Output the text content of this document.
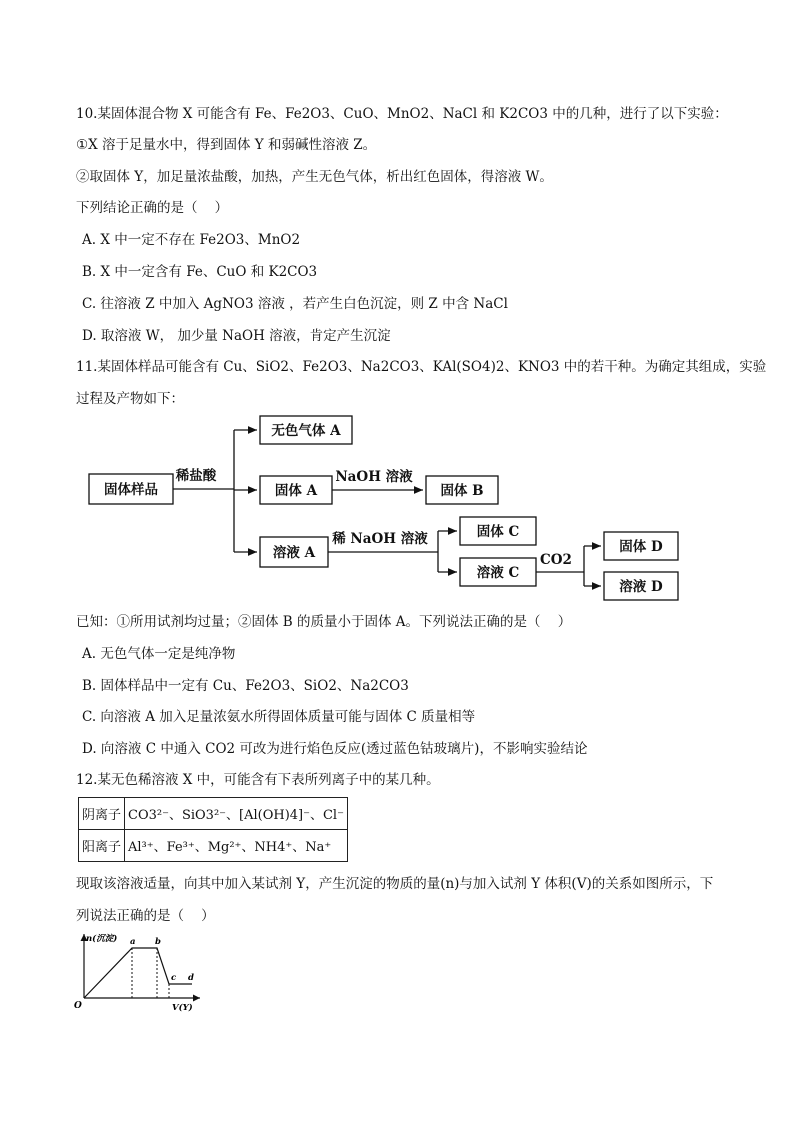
10.某固体混合物 X 可能含有 Fe、Fe2O3、CuO、MnO2、NaCl 和 K2CO3 中的几种，进行了以下实验：
①X 溶于足量水中，得到固体 Y 和弱碱性溶液 Z。
②取固体 Y，加足量浓盐酸，加热，产生无色气体，析出红色固体，得溶液 W。
下列结论正确的是（    ）
A. X 中一定不存在 Fe2O3、MnO2
B. X 中一定含有 Fe、CuO 和 K2CO3
C. 往溶液 Z 中加入 AgNO3 溶液 ，若产生白色沉淀，则 Z 中含 NaCl
D. 取溶液 W， 加少量 NaOH 溶液，肯定产生沉淀
11.某固体样品可能含有 Cu、SiO2、Fe2O3、Na2CO3、KAl(SO4)2、KNO3 中的若干种。为确定其组成，实验
过程及产物如下：
固体样品
无色气体 A
固体 A	固体 B
溶液 A
固体 C
溶液 C
固体 D
溶液 D
稀盐酸	NaOH 溶液
稀 NaOH 溶液
CO2
已知：①所用试剂均过量；②固体 B 的质量小于固体 A。下列说法正确的是（    ）
A. 无色气体一定是纯净物
B. 固体样品中一定有 Cu、Fe2O3、SiO2、Na2CO3
C. 向溶液 A 加入足量浓氨水所得固体质量可能与固体 C 质量相等
D. 向溶液 C 中通入 CO2 可改为进行焰色反应(透过蓝色钴玻璃片)，不影响实验结论
12.某无色稀溶液 X 中，可能含有下表所列离子中的某几种。
阴离子	CO3²⁻、SiO3²⁻、[Al(OH)4]⁻、Cl⁻
阳离子	Al³⁺、Fe³⁺、Mg²⁺、NH4⁺、Na⁺
现取该溶液适量，向其中加入某试剂 Y，产生沉淀的物质的量(n)与加入试剂 Y 体积(V)的关系如图所示，下
列说法正确的是（    ）
n(沉淀)
V(Y)
O
a b
c d
